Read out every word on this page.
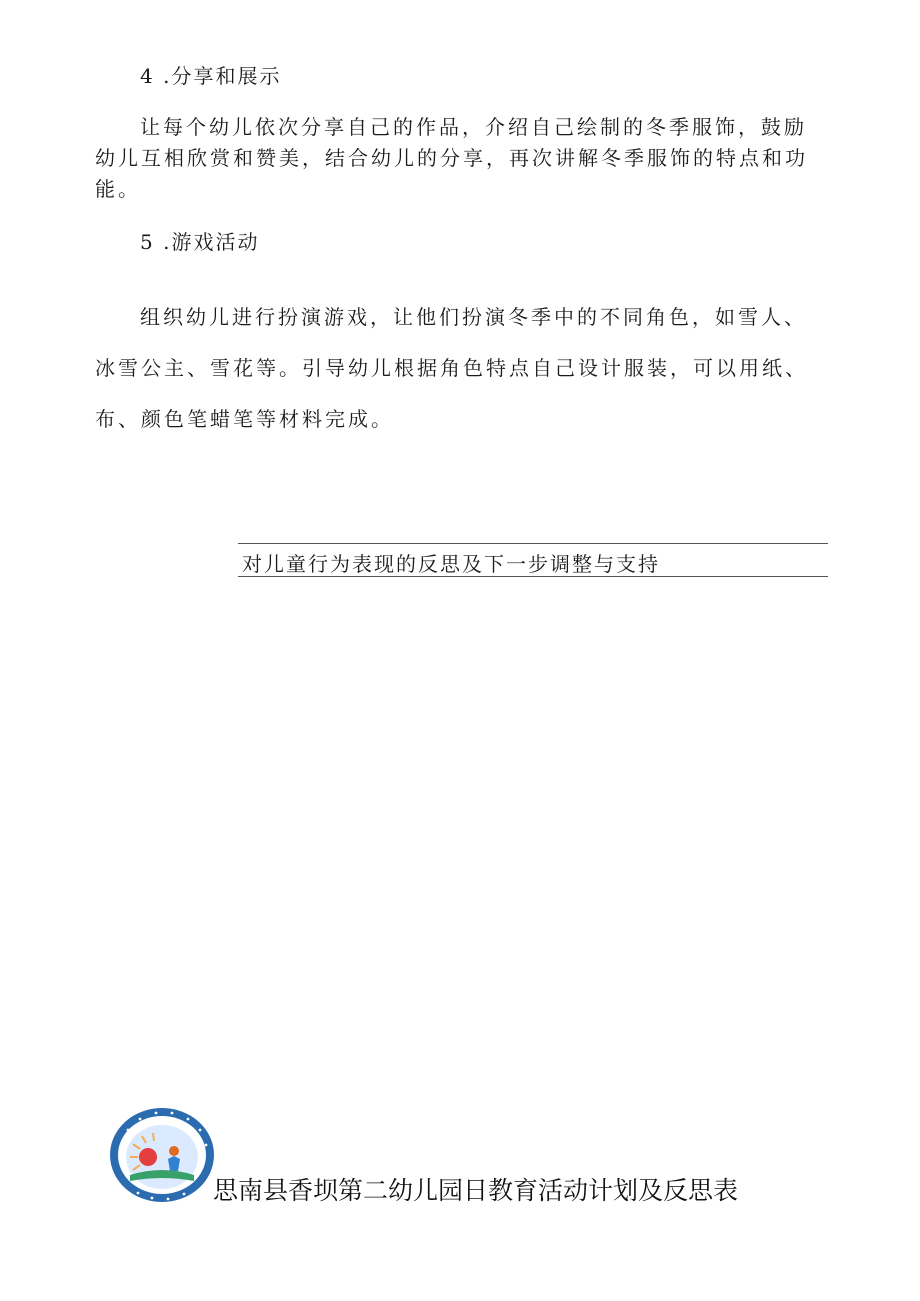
4 .分享和展示

让每个幼儿依次分享自己的作品，介绍自己绘制的冬季服饰，鼓励幼儿互相欣赏和赞美，结合幼儿的分享，再次讲解冬季服饰的特点和功能。

5 .游戏活动

组织幼儿进行扮演游戏，让他们扮演冬季中的不同角色，如雪人、冰雪公主、雪花等。引导幼儿根据角色特点自己设计服装，可以用纸、布、颜色笔蜡笔等材料完成。

对儿童行为表现的反思及下一步调整与支持
思南县香坝第二幼儿园日教育活动计划及反思表
